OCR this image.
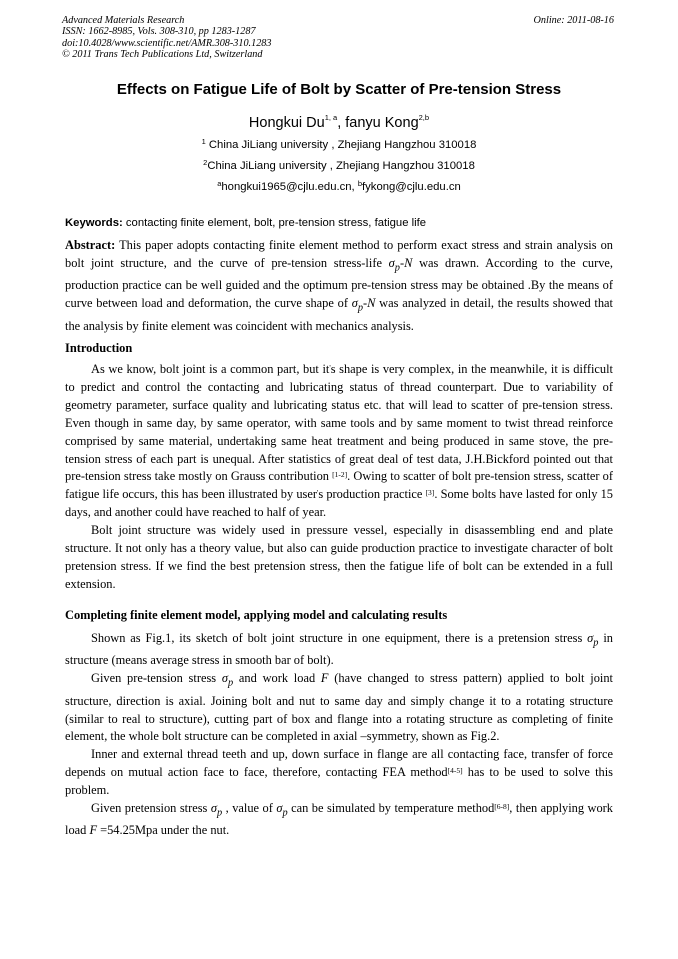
Advanced Materials Research
ISSN: 1662-8985, Vols. 308-310, pp 1283-1287
doi:10.4028/www.scientific.net/AMR.308-310.1283
© 2011 Trans Tech Publications Ltd, Switzerland
Online: 2011-08-16
Effects on Fatigue Life of Bolt by Scatter of Pre-tension Stress
Hongkui Du$^{1, a}$, fanyu Kong$^{2,b}$
$^1$ China JiLiang university , Zhejiang Hangzhou 310018
$^2$China JiLiang university , Zhejiang Hangzhou 310018
$^a$hongkui1965@cjlu.edu.cn, $^b$fykong@cjlu.edu.cn
Keywords: contacting finite element, bolt, pre-tension stress, fatigue life

Abstract: This paper adopts contacting finite element method to perform exact stress and strain analysis on bolt joint structure, and the curve of pre-tension stress-life $\sigma_p-N$ was drawn. According to the curve, production practice can be well guided and the optimum pre-tension stress may be obtained .By the means of curve between load and deformation, the curve shape of $\sigma_p-N$ was analyzed in detail, the results showed that the analysis by finite element was coincident with mechanics analysis.

Introduction

As we know, bolt joint is a common part, but it's shape is very complex, in the meanwhile, it is difficult to predict and control the contacting and lubricating status of thread counterpart. Due to variability of geometry parameter, surface quality and lubricating status etc. that will lead to scatter of pre-tension stress. Even though in same day, by same operator, with same tools and by same moment to twist thread reinforce comprised by same material, undertaking same heat treatment and being produced in same stove, the pre-tension stress of each part is unequal. After statistics of great deal of test data, J.H.Bickford pointed out that pre-tension stress take mostly on Grauss contribution [1-2]. Owing to scatter of bolt pre-tension stress, scatter of fatigue life occurs, this has been illustrated by user's production practice [3]. Some bolts have lasted for only 15 days, and another could have reached to half of year.

Bolt joint structure was widely used in pressure vessel, especially in disassembling end and plate structure. It not only has a theory value, but also can guide production practice to investigate character of bolt pretension stress. If we find the best pretension stress, then the fatigue life of bolt can be extended in a full extension.

Completing finite element model, applying model and calculating results

Shown as Fig.1, its sketch of bolt joint structure in one equipment, there is a pretension stress $\sigma_p$ in structure (means average stress in smooth bar of bolt).

Given pre-tension stress $\sigma_p$ and work load F (have changed to stress pattern) applied to bolt joint structure, direction is axial. Joining bolt and nut to same day and simply change it to a rotating structure (similar to real to structure), cutting part of box and flange into a rotating structure as completing of finite element, the whole bolt structure can be completed in axial –symmetry, shown as Fig.2.

Inner and external thread teeth and up, down surface in flange are all contacting face, transfer of force depends on mutual action face to face, therefore, contacting FEA method[4-5] has to be used to solve this problem.

Given pretension stress $\sigma_p$ , value of $\sigma_p$ can be simulated by temperature method[6-8], then applying work load F =54.25Mpa under the nut.
